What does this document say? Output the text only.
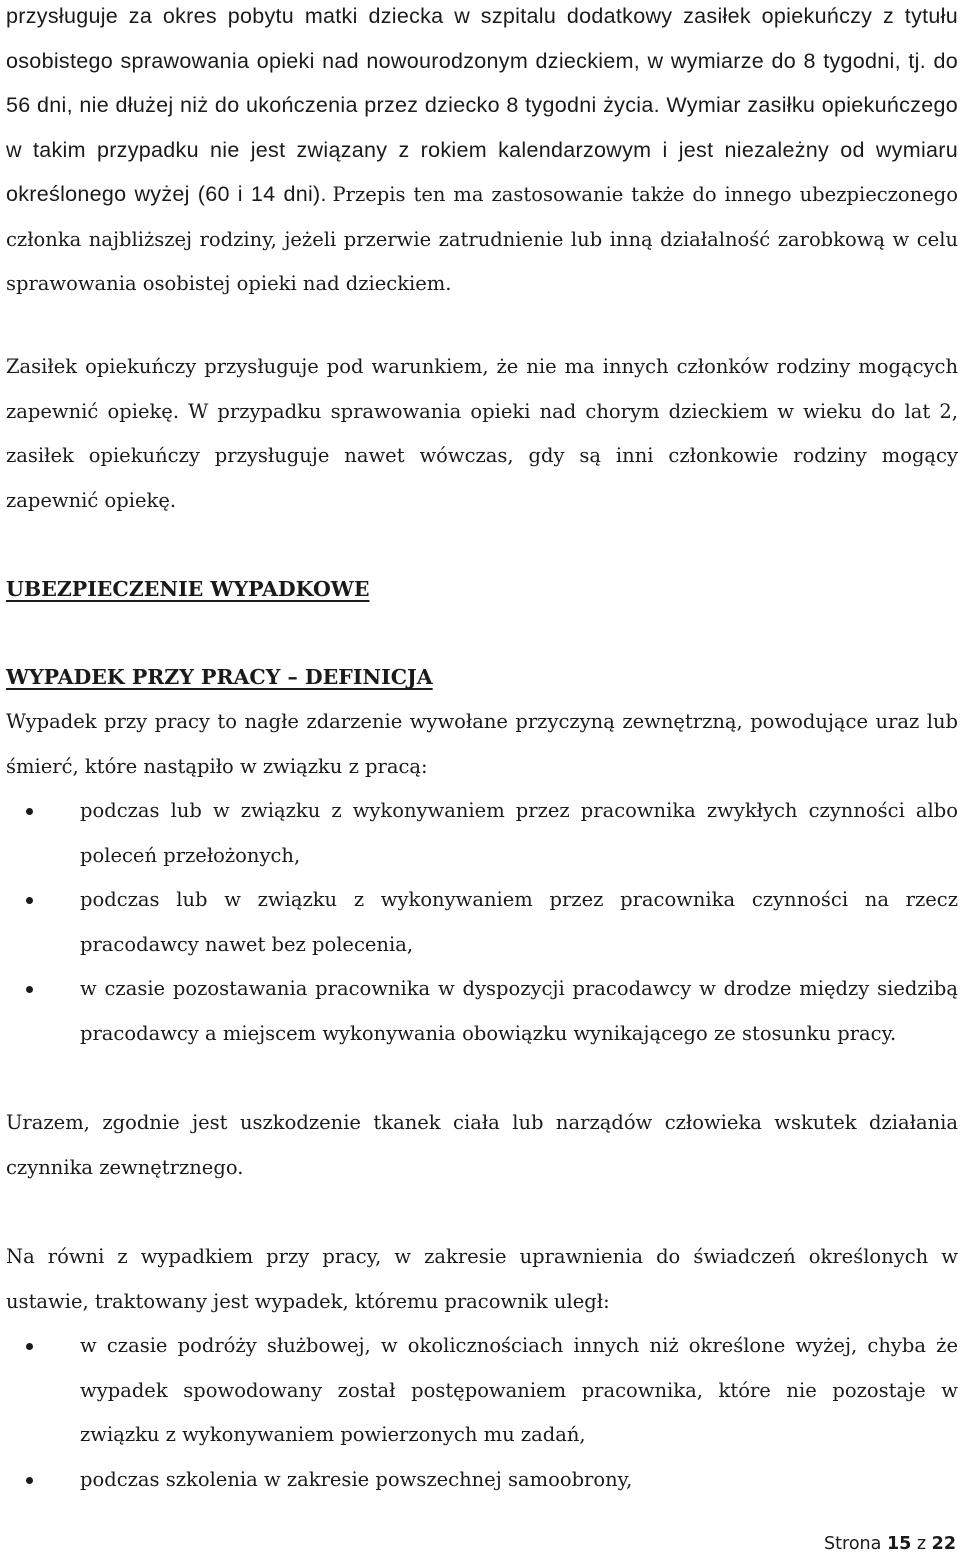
przysługuje za okres pobytu matki dziecka w szpitalu dodatkowy zasiłek opiekuńczy z tytułu osobistego sprawowania opieki nad nowourodzonym dzieckiem, w wymiarze do 8 tygodni, tj. do 56 dni, nie dłużej niż do ukończenia przez dziecko 8 tygodni życia. Wymiar zasiłku opiekuńczego w takim przypadku nie jest związany z rokiem kalendarzowym i jest niezależny od wymiaru określonego wyżej (60 i 14 dni). Przepis ten ma zastosowanie także do innego ubezpieczonego członka najbliższej rodziny, jeżeli przerwie zatrudnienie lub inną działalność zarobkową w celu sprawowania osobistej opieki nad dzieckiem.

Zasiłek opiekuńczy przysługuje pod warunkiem, że nie ma innych członków rodziny mogących zapewnić opiekę. W przypadku sprawowania opieki nad chorym dzieckiem w wieku do lat 2, zasiłek opiekuńczy przysługuje nawet wówczas, gdy są inni członkowie rodziny mogący zapewnić opiekę.

UBEZPIECZENIE WYPADKOWE
WYPADEK PRZY PRACY – DEFINICJA

Wypadek przy pracy to nagłe zdarzenie wywołane przyczyną zewnętrzną, powodujące uraz lub śmierć, które nastąpiło w związku z pracą:

podczas lub w związku z wykonywaniem przez pracownika zwykłych czynności albo poleceń przełożonych,
podczas lub w związku z wykonywaniem przez pracownika czynności na rzecz pracodawcy nawet bez polecenia,
w czasie pozostawania pracownika w dyspozycji pracodawcy w drodze między siedzibą pracodawcy a miejscem wykonywania obowiązku wynikającego ze stosunku pracy.

Urazem, zgodnie jest uszkodzenie tkanek ciała lub narządów człowieka wskutek działania czynnika zewnętrznego.

Na równi z wypadkiem przy pracy, w zakresie uprawnienia do świadczeń określonych w ustawie, traktowany jest wypadek, któremu pracownik uległ:

w czasie podróży służbowej, w okolicznościach innych niż określone wyżej, chyba że wypadek spowodowany został postępowaniem pracownika, które nie pozostaje w związku z wykonywaniem powierzonych mu zadań,
podczas szkolenia w zakresie powszechnej samoobrony,
Strona 15 z 22
